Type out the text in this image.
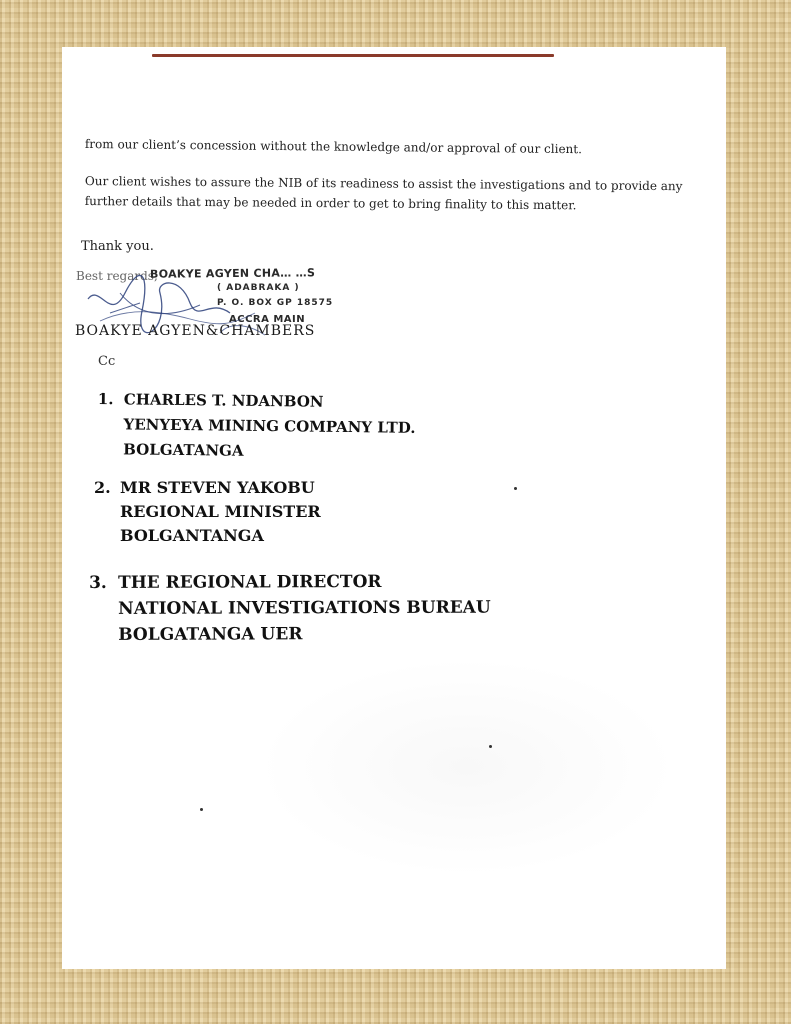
from our client’s concession without the knowledge and/or approval of our client.
Our client wishes to assure the NIB of its readiness to assist the investigations and to provide any further details that may be needed in order to get to bring finality to this matter.
Thank you.
Best regards,
BOAKYE AGYEN CHA… …S
( ADABRAKA )
P. O. BOX GP 18575
ACCRA MAIN
BOAKYE AGYEN&CHAMBERS
Cc
1. CHARLES T. NDANBON
YENYEYA MINING COMPANY LTD.
BOLGATANGA
2. MR STEVEN YAKOBU
REGIONAL MINISTER
BOLGANTANGA
3. THE REGIONAL DIRECTOR
NATIONAL INVESTIGATIONS BUREAU
BOLGATANGA UER
